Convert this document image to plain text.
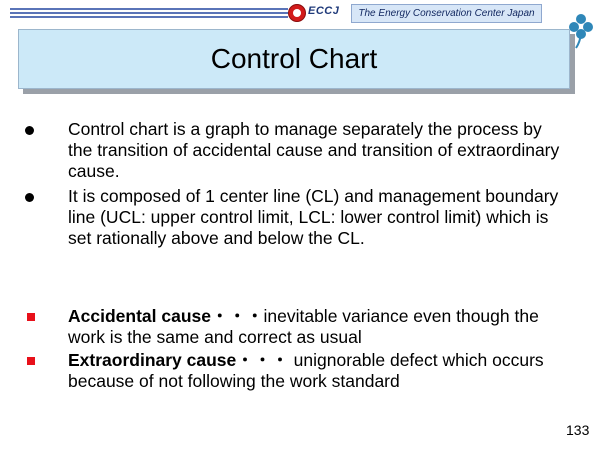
ECCJ	The Energy Conservation Center Japan
Control Chart
Control chart is a graph to manage separately the process by the transition of accidental cause and transition of extraordinary cause.
It is composed of 1 center line (CL) and management boundary line (UCL: upper control limit, LCL: lower control limit) which is set rationally above and below the CL.
Accidental cause・・・inevitable variance even though the work is the same and correct as usual
Extraordinary cause・・・ unignorable defect which occurs because of not following the work standard
133
